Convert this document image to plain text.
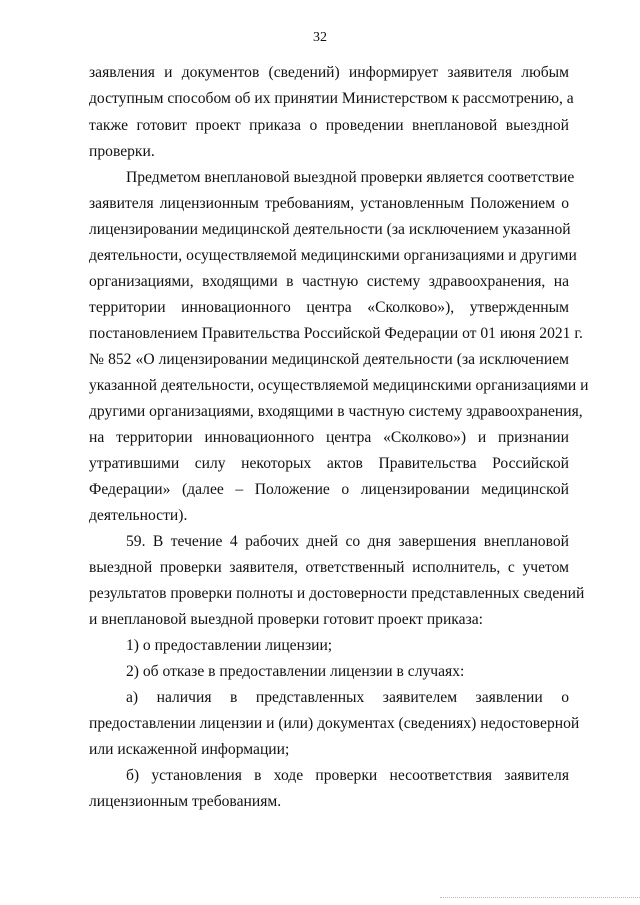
32
заявления и документов (сведений) информирует заявителя любым
доступным способом об их принятии Министерством к рассмотрению, а
также готовит проект приказа о проведении внеплановой выездной
проверки.
Предметом внеплановой выездной проверки является соответствие
заявителя лицензионным требованиям, установленным Положением о
лицензировании медицинской деятельности (за исключением указанной
деятельности, осуществляемой медицинскими организациями и другими
организациями, входящими в частную систему здравоохранения, на
территории инновационного центра «Сколково»), утвержденным
постановлением Правительства Российской Федерации от 01 июня 2021 г.
№ 852 «О лицензировании медицинской деятельности (за исключением
указанной деятельности, осуществляемой медицинскими организациями и
другими организациями, входящими в частную систему здравоохранения,
на территории инновационного центра «Сколково») и признании
утратившими силу некоторых актов Правительства Российской
Федерации» (далее – Положение о лицензировании медицинской
деятельности).
59. В течение 4 рабочих дней со дня завершения внеплановой
выездной проверки заявителя, ответственный исполнитель, с учетом
результатов проверки полноты и достоверности представленных сведений
и внеплановой выездной проверки готовит проект приказа:
1) о предоставлении лицензии;
2) об отказе в предоставлении лицензии в случаях:
а) наличия в представленных заявителем заявлении о
предоставлении лицензии и (или) документах (сведениях) недостоверной
или искаженной информации;
б) установления в ходе проверки несоответствия заявителя
лицензионным требованиям.
